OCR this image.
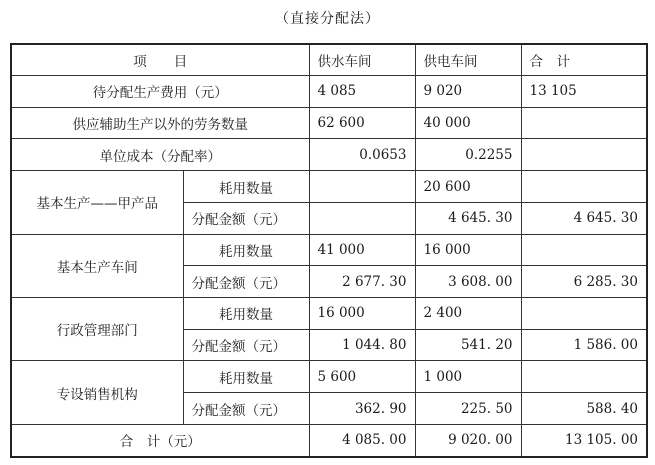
（直接分配法）
项　　目		供水车间	供电车间	合　计
待分配生产费用（元）		4 085	9 020	13 105
供应辅助生产以外的劳务数量		62 600	40 000	
单位成本（分配率）		0.0653	0.2255	
基本生产——甲产品	耗用数量		20 600	
	分配金额（元）		4 645. 30	4 645. 30
基本生产车间	耗用数量	41 000	16 000	
	分配金额（元）	2 677. 30	3 608. 00	6 285. 30
行政管理部门	耗用数量	16 000	2 400	
	分配金额（元）	1 044. 80	541. 20	1 586. 00
专设销售机构	耗用数量	5 600	1 000	
	分配金额（元）	362. 90	225. 50	588. 40
合　计（元）		4 085. 00	9 020. 00	13 105. 00
